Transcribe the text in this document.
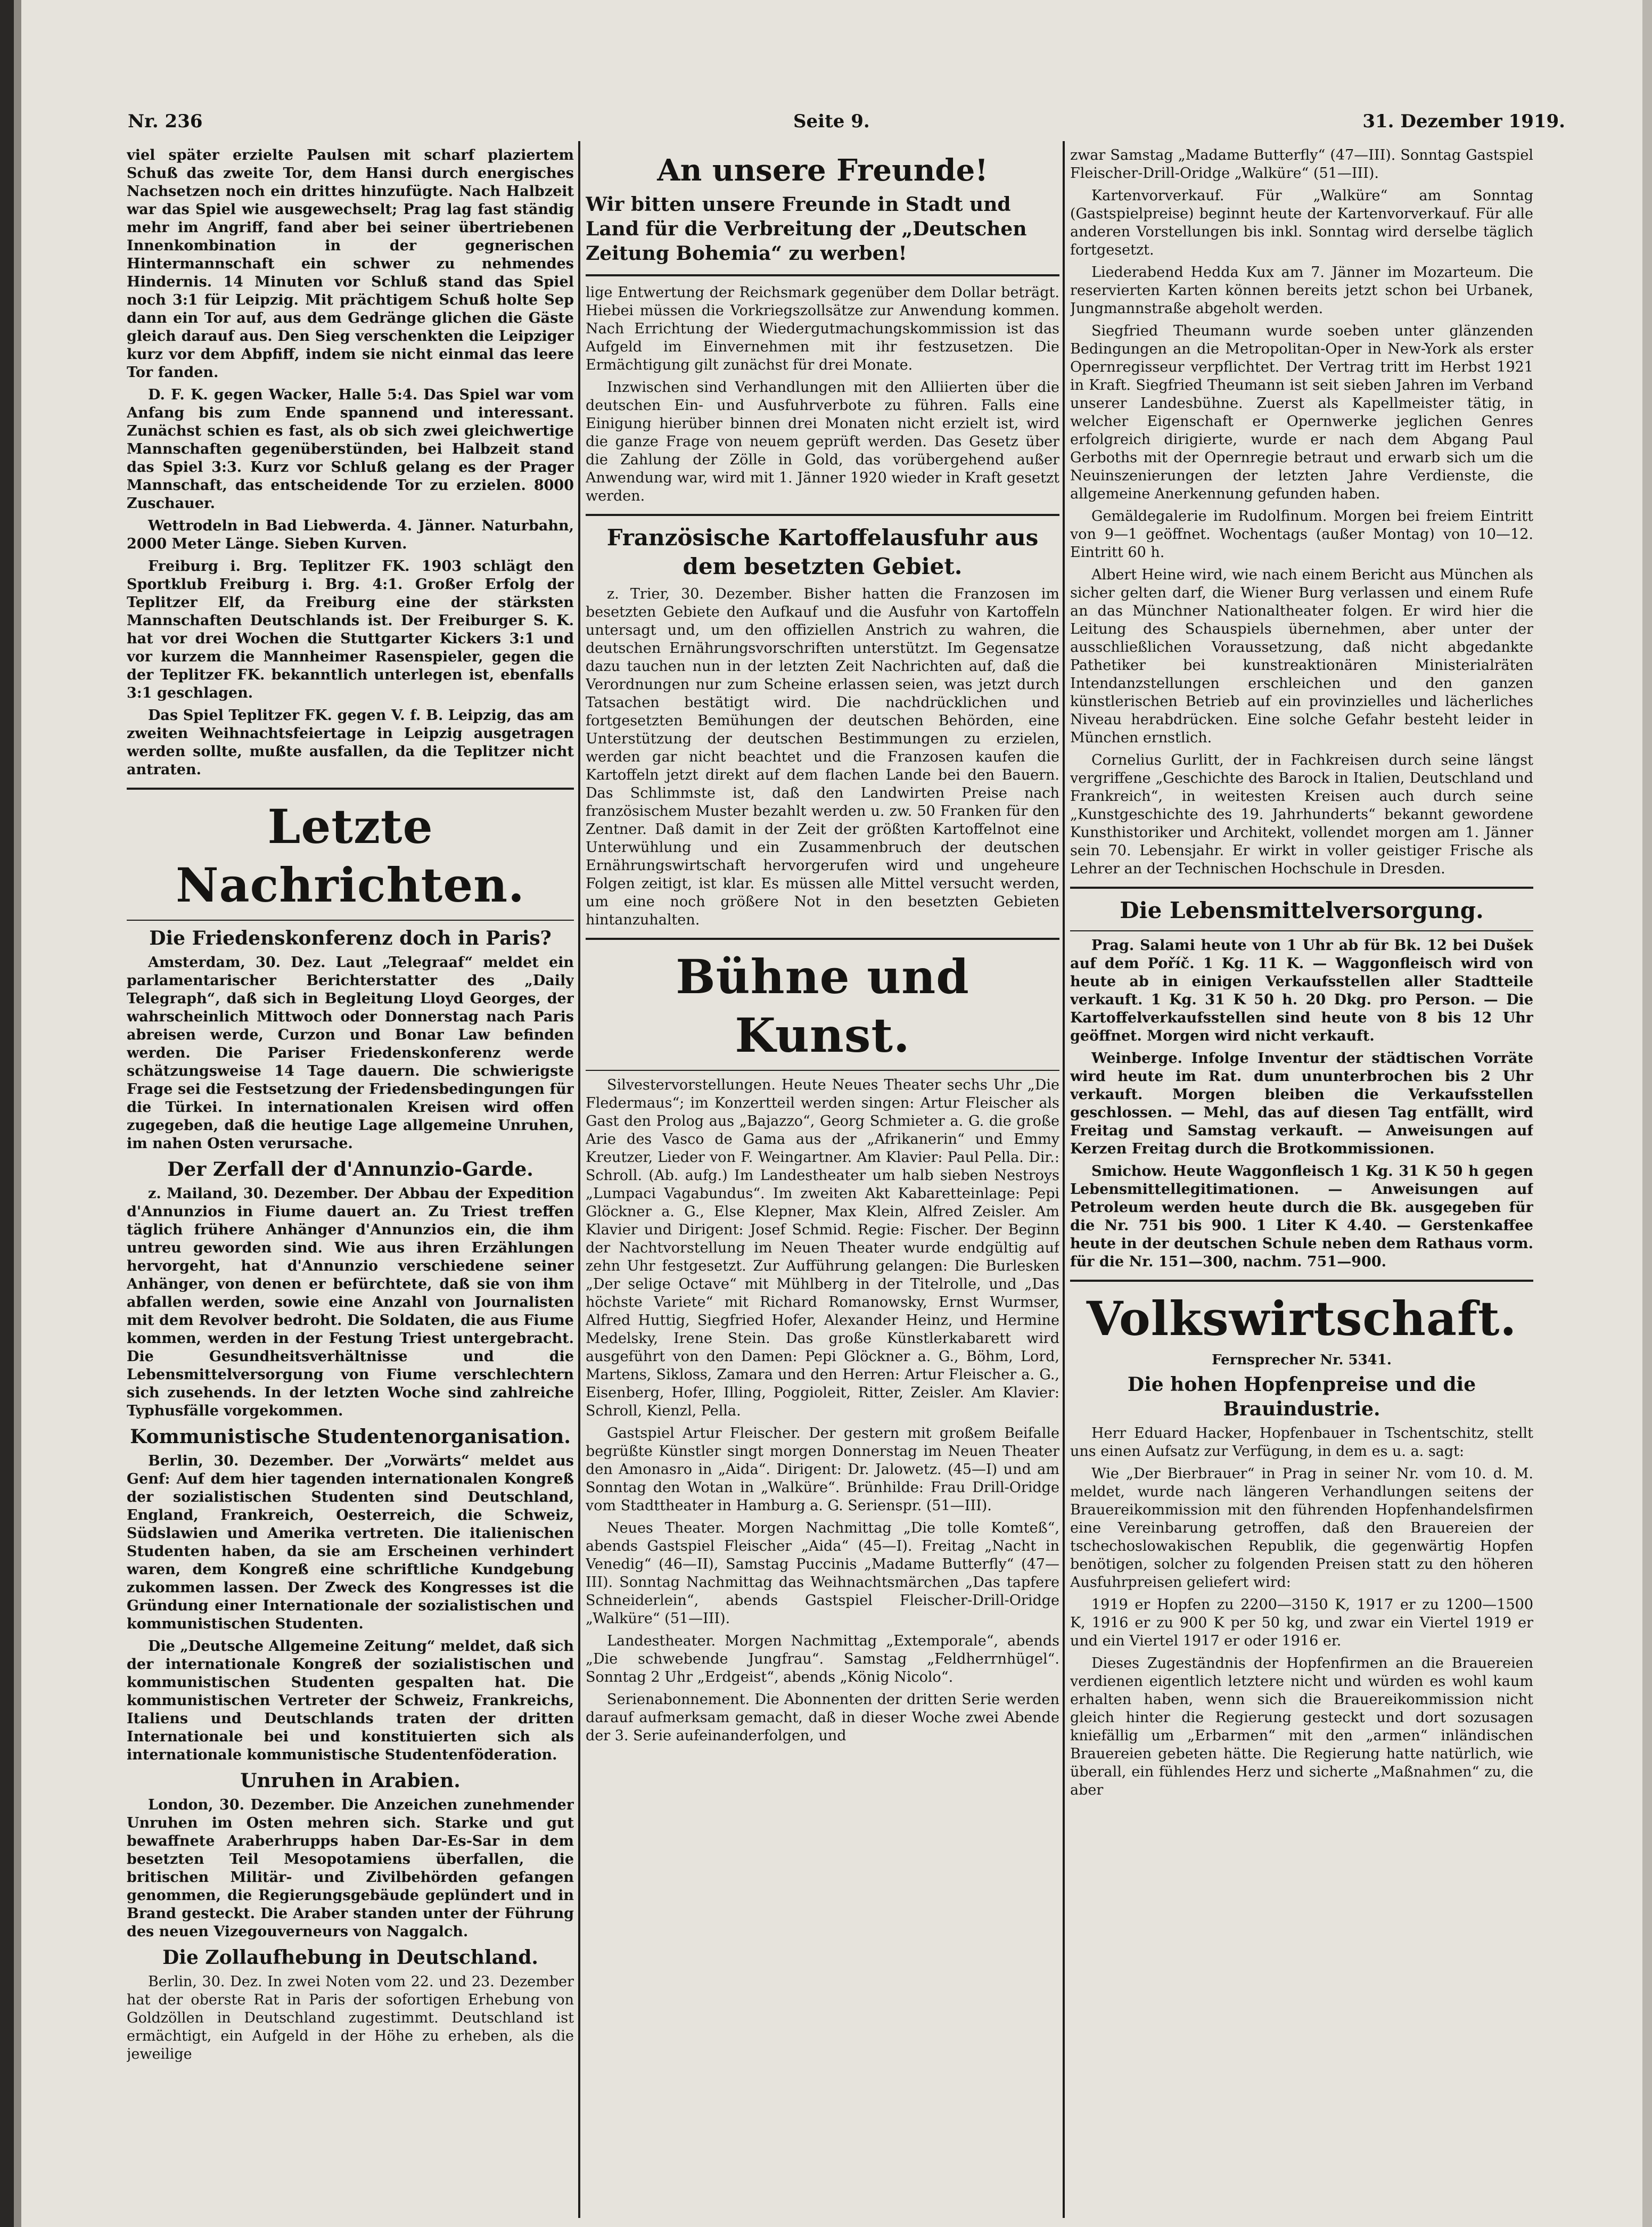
Nr. 236	Seite 9.	31. Dezember 1919.

viel später erzielte Paulsen mit scharf plaziertem Schuß das zweite Tor, dem Hansi durch energisches Nachsetzen noch ein drittes hinzufügte. Nach Halbzeit war das Spiel wie ausgewechselt; Prag lag fast ständig mehr im Angriff, fand aber bei seiner übertriebenen Innenkombination in der gegnerischen Hintermannschaft ein schwer zu nehmendes Hindernis. 14 Minuten vor Schluß stand das Spiel noch 3:1 für Leipzig. Mit prächtigem Schuß holte Sep dann ein Tor auf, aus dem Gedränge glichen die Gäste gleich darauf aus. Den Sieg verschenkten die Leipziger kurz vor dem Abpfiff, indem sie nicht einmal das leere Tor fanden.

D. F. K. gegen Wacker, Halle 5:4. Das Spiel war vom Anfang bis zum Ende spannend und interessant. Zunächst schien es fast, als ob sich zwei gleichwertige Mannschaften gegenüberstünden, bei Halbzeit stand das Spiel 3:3. Kurz vor Schluß gelang es der Prager Mannschaft, das entscheidende Tor zu erzielen. 8000 Zuschauer.

Wettrodeln in Bad Liebwerda. 4. Jänner. Naturbahn, 2000 Meter Länge. Sieben Kurven.

Freiburg i. Brg. Teplitzer FK. 1903 schlägt den Sportklub Freiburg i. Brg. 4:1. Großer Erfolg der Teplitzer Elf, da Freiburg eine der stärksten Mannschaften Deutschlands ist. Der Freiburger S. K. hat vor drei Wochen die Stuttgarter Kickers 3:1 und vor kurzem die Mannheimer Rasenspieler, gegen die der Teplitzer FK. bekanntlich unterlegen ist, ebenfalls 3:1 geschlagen.

Das Spiel Teplitzer FK. gegen V. f. B. Leipzig, das am zweiten Weihnachtsfeiertage in Leipzig ausgetragen werden sollte, mußte ausfallen, da die Teplitzer nicht antraten.

Letzte Nachrichten.
Die Friedenskonferenz doch in Paris?

Amsterdam, 30. Dez. Laut „Telegraaf“ meldet ein parlamentarischer Berichterstatter des „Daily Telegraph“, daß sich in Begleitung Lloyd Georges, der wahrscheinlich Mittwoch oder Donnerstag nach Paris abreisen werde, Curzon und Bonar Law befinden werden. Die Pariser Friedenskonferenz werde schätzungsweise 14 Tage dauern. Die schwierigste Frage sei die Festsetzung der Friedensbedingungen für die Türkei. In internationalen Kreisen wird offen zugegeben, daß die heutige Lage allgemeine Unruhen, im nahen Osten verursache.

Der Zerfall der d'Annunzio-Garde.

z. Mailand, 30. Dezember. Der Abbau der Expedition d'Annunzios in Fiume dauert an. Zu Triest treffen täglich frühere Anhänger d'Annunzios ein, die ihm untreu geworden sind. Wie aus ihren Erzählungen hervorgeht, hat d'Annunzio verschiedene seiner Anhänger, von denen er befürchtete, daß sie von ihm abfallen werden, sowie eine Anzahl von Journalisten mit dem Revolver bedroht. Die Soldaten, die aus Fiume kommen, werden in der Festung Triest untergebracht. Die Gesundheitsverhältnisse und die Lebensmittelversorgung von Fiume verschlechtern sich zusehends. In der letzten Woche sind zahlreiche Typhusfälle vorgekommen.

Kommunistische Studentenorganisation.

Berlin, 30. Dezember. Der „Vorwärts“ meldet aus Genf: Auf dem hier tagenden internationalen Kongreß der sozialistischen Studenten sind Deutschland, England, Frankreich, Oesterreich, die Schweiz, Südslawien und Amerika vertreten. Die italienischen Studenten haben, da sie am Erscheinen verhindert waren, dem Kongreß eine schriftliche Kundgebung zukommen lassen. Der Zweck des Kongresses ist die Gründung einer Internationale der sozialistischen und kommunistischen Studenten.

Die „Deutsche Allgemeine Zeitung“ meldet, daß sich der internationale Kongreß der sozialistischen und kommunistischen Studenten gespalten hat. Die kommunistischen Vertreter der Schweiz, Frankreichs, Italiens und Deutschlands traten der dritten Internationale bei und konstituierten sich als internationale kommunistische Studentenföderation.

Unruhen in Arabien.

London, 30. Dezember. Die Anzeichen zunehmender Unruhen im Osten mehren sich. Starke und gut bewaffnete Araberhrupps haben Dar-Es-Sar in dem besetzten Teil Mesopotamiens überfallen, die britischen Militär- und Zivilbehörden gefangen genommen, die Regierungsgebäude geplündert und in Brand gesteckt. Die Araber standen unter der Führung des neuen Vizegouverneurs von Naggalch.

Die Zollaufhebung in Deutschland.

Berlin, 30. Dez. In zwei Noten vom 22. und 23. Dezember hat der oberste Rat in Paris der sofortigen Erhebung von Goldzöllen in Deutschland zugestimmt. Deutschland ist ermächtigt, ein Aufgeld in der Höhe zu erheben, als die jeweilige

An unsere Freunde!
Wir bitten unsere Freunde in Stadt und Land für die Verbreitung der „Deutschen Zeitung Bohemia“ zu werben!

lige Entwertung der Reichsmark gegenüber dem Dollar beträgt. Hiebei müssen die Vorkriegszollsätze zur Anwendung kommen. Nach Errichtung der Wiedergutmachungskommission ist das Aufgeld im Einvernehmen mit ihr festzusetzen. Die Ermächtigung gilt zunächst für drei Monate.

Inzwischen sind Verhandlungen mit den Alliierten über die deutschen Ein- und Ausfuhrverbote zu führen. Falls eine Einigung hierüber binnen drei Monaten nicht erzielt ist, wird die ganze Frage von neuem geprüft werden. Das Gesetz über die Zahlung der Zölle in Gold, das vorübergehend außer Anwendung war, wird mit 1. Jänner 1920 wieder in Kraft gesetzt werden.

Französische Kartoffelausfuhr aus dem besetzten Gebiet.

z. Trier, 30. Dezember. Bisher hatten die Franzosen im besetzten Gebiete den Aufkauf und die Ausfuhr von Kartoffeln untersagt und, um den offiziellen Anstrich zu wahren, die deutschen Ernährungsvorschriften unterstützt. Im Gegensatze dazu tauchen nun in der letzten Zeit Nachrichten auf, daß die Verordnungen nur zum Scheine erlassen seien, was jetzt durch Tatsachen bestätigt wird. Die nachdrücklichen und fortgesetzten Bemühungen der deutschen Behörden, eine Unterstützung der deutschen Bestimmungen zu erzielen, werden gar nicht beachtet und die Franzosen kaufen die Kartoffeln jetzt direkt auf dem flachen Lande bei den Bauern. Das Schlimmste ist, daß den Landwirten Preise nach französischem Muster bezahlt werden u. zw. 50 Franken für den Zentner. Daß damit in der Zeit der größten Kartoffelnot eine Unterwühlung und ein Zusammenbruch der deutschen Ernährungswirtschaft hervorgerufen wird und ungeheure Folgen zeitigt, ist klar. Es müssen alle Mittel versucht werden, um eine noch größere Not in den besetzten Gebieten hintanzuhalten.

Bühne und Kunst.

Silvestervorstellungen. Heute Neues Theater sechs Uhr „Die Fledermaus“; im Konzertteil werden singen: Artur Fleischer als Gast den Prolog aus „Bajazzo“, Georg Schmieter a. G. die große Arie des Vasco de Gama aus der „Afrikanerin“ und Emmy Kreutzer, Lieder von F. Weingartner. Am Klavier: Paul Pella. Dir.: Schroll. (Ab. aufg.) Im Landestheater um halb sieben Nestroys „Lumpaci Vagabundus“. Im zweiten Akt Kabaretteinlage: Pepi Glöckner a. G., Else Klepner, Max Klein, Alfred Zeisler. Am Klavier und Dirigent: Josef Schmid. Regie: Fischer. Der Beginn der Nachtvorstellung im Neuen Theater wurde endgültig auf zehn Uhr festgesetzt. Zur Aufführung gelangen: Die Burlesken „Der selige Octave“ mit Mühlberg in der Titelrolle, und „Das höchste Variete“ mit Richard Romanowsky, Ernst Wurmser, Alfred Huttig, Siegfried Hofer, Alexander Heinz, und Hermine Medelsky, Irene Stein. Das große Künstlerkabarett wird ausgeführt von den Damen: Pepi Glöckner a. G., Böhm, Lord, Martens, Sikloss, Zamara und den Herren: Artur Fleischer a. G., Eisenberg, Hofer, Illing, Poggioleit, Ritter, Zeisler. Am Klavier: Schroll, Kienzl, Pella.

Gastspiel Artur Fleischer. Der gestern mit großem Beifalle begrüßte Künstler singt morgen Donnerstag im Neuen Theater den Amonasro in „Aida“. Dirigent: Dr. Jalowetz. (45—I) und am Sonntag den Wotan in „Walküre“. Brünhilde: Frau Drill-Oridge vom Stadttheater in Hamburg a. G. Serienspr. (51—III).

Neues Theater. Morgen Nachmittag „Die tolle Komteß“, abends Gastspiel Fleischer „Aida“ (45—I). Freitag „Nacht in Venedig“ (46—II), Samstag Puccinis „Madame Butterfly“ (47—III). Sonntag Nachmittag das Weihnachtsmärchen „Das tapfere Schneiderlein“, abends Gastspiel Fleischer-Drill-Oridge „Walküre“ (51—III).

Landestheater. Morgen Nachmittag „Extemporale“, abends „Die schwebende Jungfrau“. Samstag „Feldherrnhügel“. Sonntag 2 Uhr „Erdgeist“, abends „König Nicolo“.

Serienabonnement. Die Abonnenten der dritten Serie werden darauf aufmerksam gemacht, daß in dieser Woche zwei Abende der 3. Serie aufeinanderfolgen, und

zwar Samstag „Madame Butterfly“ (47—III). Sonntag Gastspiel Fleischer-Drill-Oridge „Walküre“ (51—III).

Kartenvorverkauf. Für „Walküre“ am Sonntag (Gastspielpreise) beginnt heute der Kartenvorverkauf. Für alle anderen Vorstellungen bis inkl. Sonntag wird derselbe täglich fortgesetzt.

Liederabend Hedda Kux am 7. Jänner im Mozarteum. Die reservierten Karten können bereits jetzt schon bei Urbanek, Jungmannstraße abgeholt werden.

Siegfried Theumann wurde soeben unter glänzenden Bedingungen an die Metropolitan-Oper in New-York als erster Opernregisseur verpflichtet. Der Vertrag tritt im Herbst 1921 in Kraft. Siegfried Theumann ist seit sieben Jahren im Verband unserer Landesbühne. Zuerst als Kapellmeister tätig, in welcher Eigenschaft er Opernwerke jeglichen Genres erfolgreich dirigierte, wurde er nach dem Abgang Paul Gerboths mit der Opernregie betraut und erwarb sich um die Neuinszenierungen der letzten Jahre Verdienste, die allgemeine Anerkennung gefunden haben.

Gemäldegalerie im Rudolfinum. Morgen bei freiem Eintritt von 9—1 geöffnet. Wochentags (außer Montag) von 10—12. Eintritt 60 h.

Albert Heine wird, wie nach einem Bericht aus München als sicher gelten darf, die Wiener Burg verlassen und einem Rufe an das Münchner Nationaltheater folgen. Er wird hier die Leitung des Schauspiels übernehmen, aber unter der ausschließlichen Voraussetzung, daß nicht abgedankte Pathetiker bei kunstreaktionären Ministerialräten Intendanzstellungen erschleichen und den ganzen künstlerischen Betrieb auf ein provinzielles und lächerliches Niveau herabdrücken. Eine solche Gefahr besteht leider in München ernstlich.

Cornelius Gurlitt, der in Fachkreisen durch seine längst vergriffene „Geschichte des Barock in Italien, Deutschland und Frankreich“, in weitesten Kreisen auch durch seine „Kunstgeschichte des 19. Jahrhunderts“ bekannt gewordene Kunsthistoriker und Architekt, vollendet morgen am 1. Jänner sein 70. Lebensjahr. Er wirkt in voller geistiger Frische als Lehrer an der Technischen Hochschule in Dresden.

Die Lebensmittelversorgung.

Prag. Salami heute von 1 Uhr ab für Bk. 12 bei Dušek auf dem Poříč. 1 Kg. 11 K. — Waggonfleisch wird von heute ab in einigen Verkaufsstellen aller Stadtteile verkauft. 1 Kg. 31 K 50 h. 20 Dkg. pro Person. — Die Kartoffelverkaufsstellen sind heute von 8 bis 12 Uhr geöffnet. Morgen wird nicht verkauft.

Weinberge. Infolge Inventur der städtischen Vorräte wird heute im Rat. dum ununterbrochen bis 2 Uhr verkauft. Morgen bleiben die Verkaufsstellen geschlossen. — Mehl, das auf diesen Tag entfällt, wird Freitag und Samstag verkauft. — Anweisungen auf Kerzen Freitag durch die Brotkommissionen.

Smichow. Heute Waggonfleisch 1 Kg. 31 K 50 h gegen Lebensmittellegitimationen. — Anweisungen auf Petroleum werden heute durch die Bk. ausgegeben für die Nr. 751 bis 900. 1 Liter K 4.40. — Gerstenkaffee heute in der deutschen Schule neben dem Rathaus vorm. für die Nr. 151—300, nachm. 751—900.

Volkswirtschaft.

Fernsprecher Nr. 5341.

Die hohen Hopfenpreise und die Brauindustrie.

Herr Eduard Hacker, Hopfenbauer in Tschentschitz, stellt uns einen Aufsatz zur Verfügung, in dem es u. a. sagt:

Wie „Der Bierbrauer“ in Prag in seiner Nr. vom 10. d. M. meldet, wurde nach längeren Verhandlungen seitens der Brauereikommission mit den führenden Hopfenhandelsfirmen eine Vereinbarung getroffen, daß den Brauereien der tschechoslowakischen Republik, die gegenwärtig Hopfen benötigen, solcher zu folgenden Preisen statt zu den höheren Ausfuhrpreisen geliefert wird:

1919 er Hopfen zu 2200—3150 K, 1917 er zu 1200—1500 K, 1916 er zu 900 K per 50 kg, und zwar ein Viertel 1919 er und ein Viertel 1917 er oder 1916 er.

Dieses Zugeständnis der Hopfenfirmen an die Brauereien verdienen eigentlich letztere nicht und würden es wohl kaum erhalten haben, wenn sich die Brauereikommission nicht gleich hinter die Regierung gesteckt und dort sozusagen kniefällig um „Erbarmen“ mit den „armen“ inländischen Brauereien gebeten hätte. Die Regierung hatte natürlich, wie überall, ein fühlendes Herz und sicherte „Maßnahmen“ zu, die aber
